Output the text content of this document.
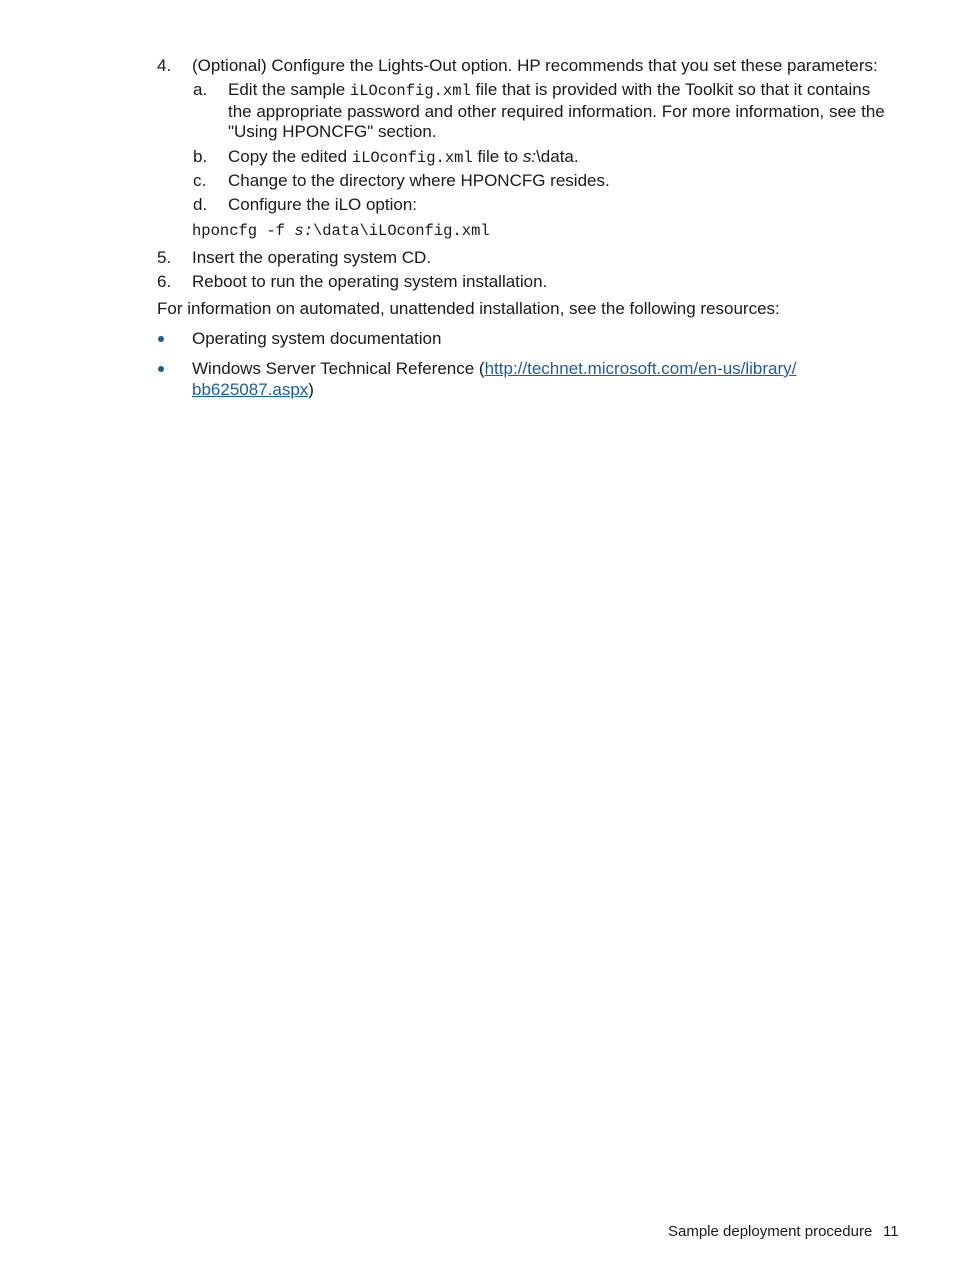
4. (Optional) Configure the Lights-Out option. HP recommends that you set these parameters:
a. Edit the sample iLOconfig.xml file that is provided with the Toolkit so that it contains
the appropriate password and other required information. For more information, see the
"Using HPONCFG" section.
b. Copy the edited iLOconfig.xml file to s:\data.
c. Change to the directory where HPONCFG resides.
d. Configure the iLO option:
hponcfg -f s:\data\iLOconfig.xml
5. Insert the operating system CD.
6. Reboot to run the operating system installation.
For information on automated, unattended installation, see the following resources:
Operating system documentation
Windows Server Technical Reference (http://technet.microsoft.com/en-us/library/
bb625087.aspx)
Sample deployment procedure 11
